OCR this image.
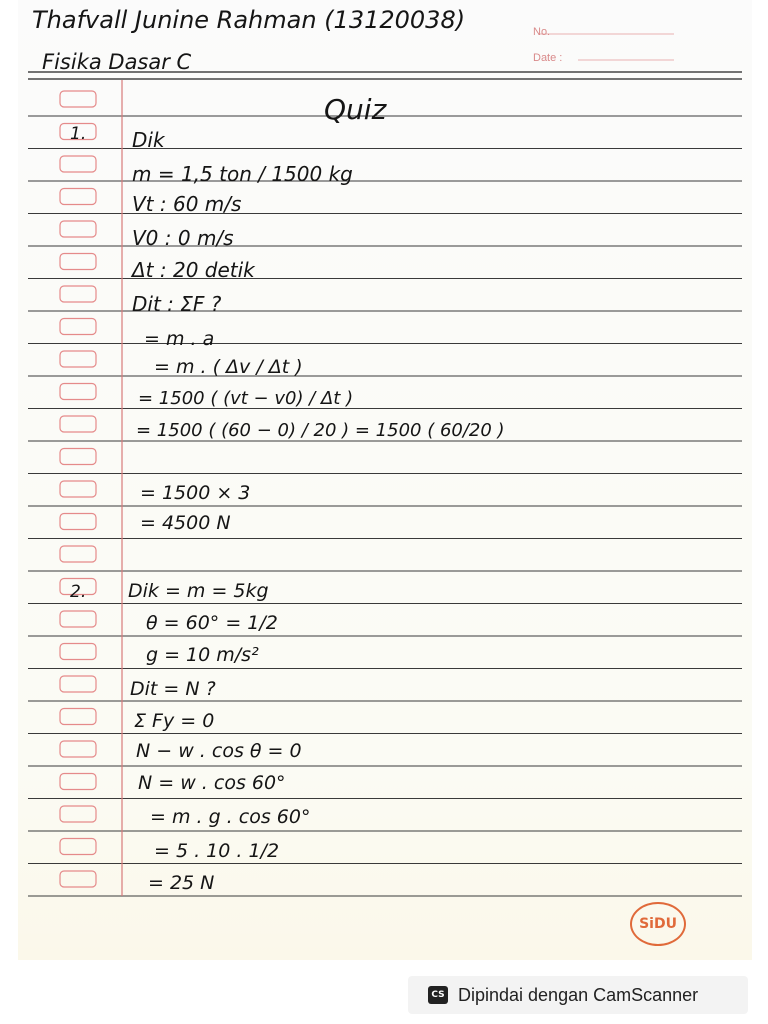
Thafvall Junine Rahman (13120038)
Fisika Dasar C
No.
Date :
Quiz
1.
2.
Dik
m = 1,5 ton / 1500 kg
Vt : 60 m/s
V0 : 0 m/s
Δt : 20 detik
Dit : ΣF ?
= m . a
= m . ( Δv / Δt )
= 1500 ( (vt − v0) / Δt )
= 1500 ( (60 − 0) / 20 ) = 1500 ( 60/20 )
= 1500 × 3
= 4500 N
Dik = m = 5kg
θ = 60° = 1/2
g = 10 m/s²
Dit = N ?
Σ Fy = 0
N − w . cos θ = 0
N = w . cos 60°
= m . g . cos 60°
= 5 . 10 . 1/2
= 25 N
SiDU
CS Dipindai dengan CamScanner
